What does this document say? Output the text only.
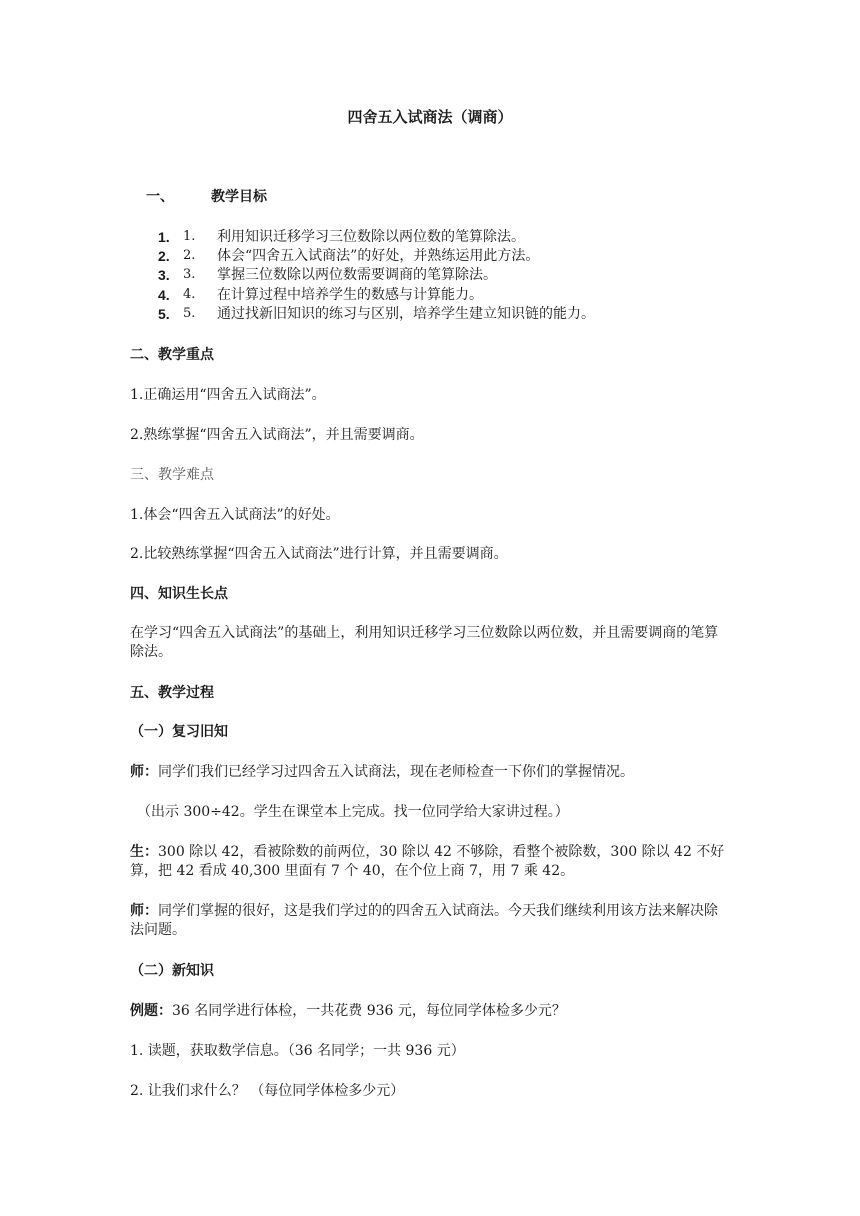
四舍五入试商法（调商）
一、	教学目标
1. 1. 利用知识迁移学习三位数除以两位数的笔算除法。
2. 2. 体会“四舍五入试商法”的好处，并熟练运用此方法。
3. 3. 掌握三位数除以两位数需要调商的笔算除法。
4. 4. 在计算过程中培养学生的数感与计算能力。
5. 5. 通过找新旧知识的练习与区别，培养学生建立知识链的能力。
二、教学重点
1.正确运用“四舍五入试商法”。
2.熟练掌握“四舍五入试商法”，并且需要调商。
三、教学难点
1.体会“四舍五入试商法”的好处。
2.比较熟练掌握“四舍五入试商法”进行计算，并且需要调商。
四、知识生长点
在学习“四舍五入试商法”的基础上，利用知识迁移学习三位数除以两位数，并且需要调商的笔算除法。
五、教学过程
（一）复习旧知
师：同学们我们已经学习过四舍五入试商法，现在老师检查一下你们的掌握情况。
（出示 300÷42。学生在课堂本上完成。找一位同学给大家讲过程。）
生：300 除以 42，看被除数的前两位，30 除以 42 不够除，看整个被除数，300 除以 42 不好算，把 42 看成 40,300 里面有 7 个 40，在个位上商 7，用 7 乘 42。
师：同学们掌握的很好，这是我们学过的的四舍五入试商法。今天我们继续利用该方法来解决除法问题。
（二）新知识
例题：36 名同学进行体检，一共花费 936 元，每位同学体检多少元？
1. 读题，获取数学信息。（36 名同学；一共 936 元）
2. 让我们求什么？ （每位同学体检多少元）
